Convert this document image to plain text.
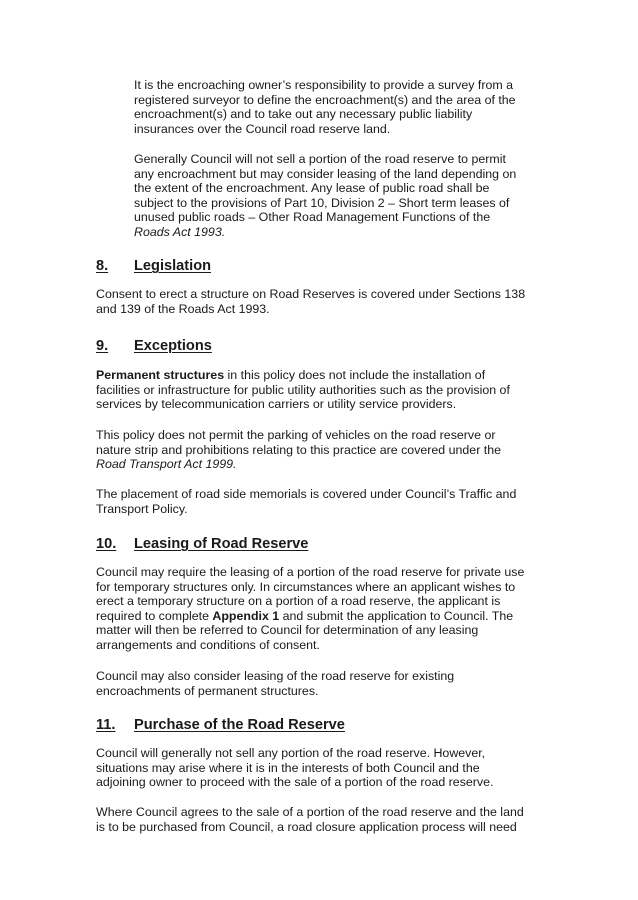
It is the encroaching owner’s responsibility to provide a survey from a
registered surveyor to define the encroachment(s) and the area of the
encroachment(s) and to take out any necessary public liability
insurances over the Council road reserve land.

Generally Council will not sell a portion of the road reserve to permit
any encroachment but may consider leasing of the land depending on
the extent of the encroachment. Any lease of public road shall be
subject to the provisions of Part 10, Division 2 – Short term leases of
unused public roads – Other Road Management Functions of the
Roads Act 1993.

8. Legislation

Consent to erect a structure on Road Reserves is covered under Sections 138
and 139 of the Roads Act 1993.

9. Exceptions

Permanent structures in this policy does not include the installation of
facilities or infrastructure for public utility authorities such as the provision of
services by telecommunication carriers or utility service providers.

This policy does not permit the parking of vehicles on the road reserve or
nature strip and prohibitions relating to this practice are covered under the
Road Transport Act 1999.

The placement of road side memorials is covered under Council’s Traffic and
Transport Policy.

10. Leasing of Road Reserve

Council may require the leasing of a portion of the road reserve for private use
for temporary structures only. In circumstances where an applicant wishes to
erect a temporary structure on a portion of a road reserve, the applicant is
required to complete Appendix 1 and submit the application to Council. The
matter will then be referred to Council for determination of any leasing
arrangements and conditions of consent.

Council may also consider leasing of the road reserve for existing
encroachments of permanent structures.

11. Purchase of the Road Reserve

Council will generally not sell any portion of the road reserve. However,
situations may arise where it is in the interests of both Council and the
adjoining owner to proceed with the sale of a portion of the road reserve.

Where Council agrees to the sale of a portion of the road reserve and the land
is to be purchased from Council, a road closure application process will need
